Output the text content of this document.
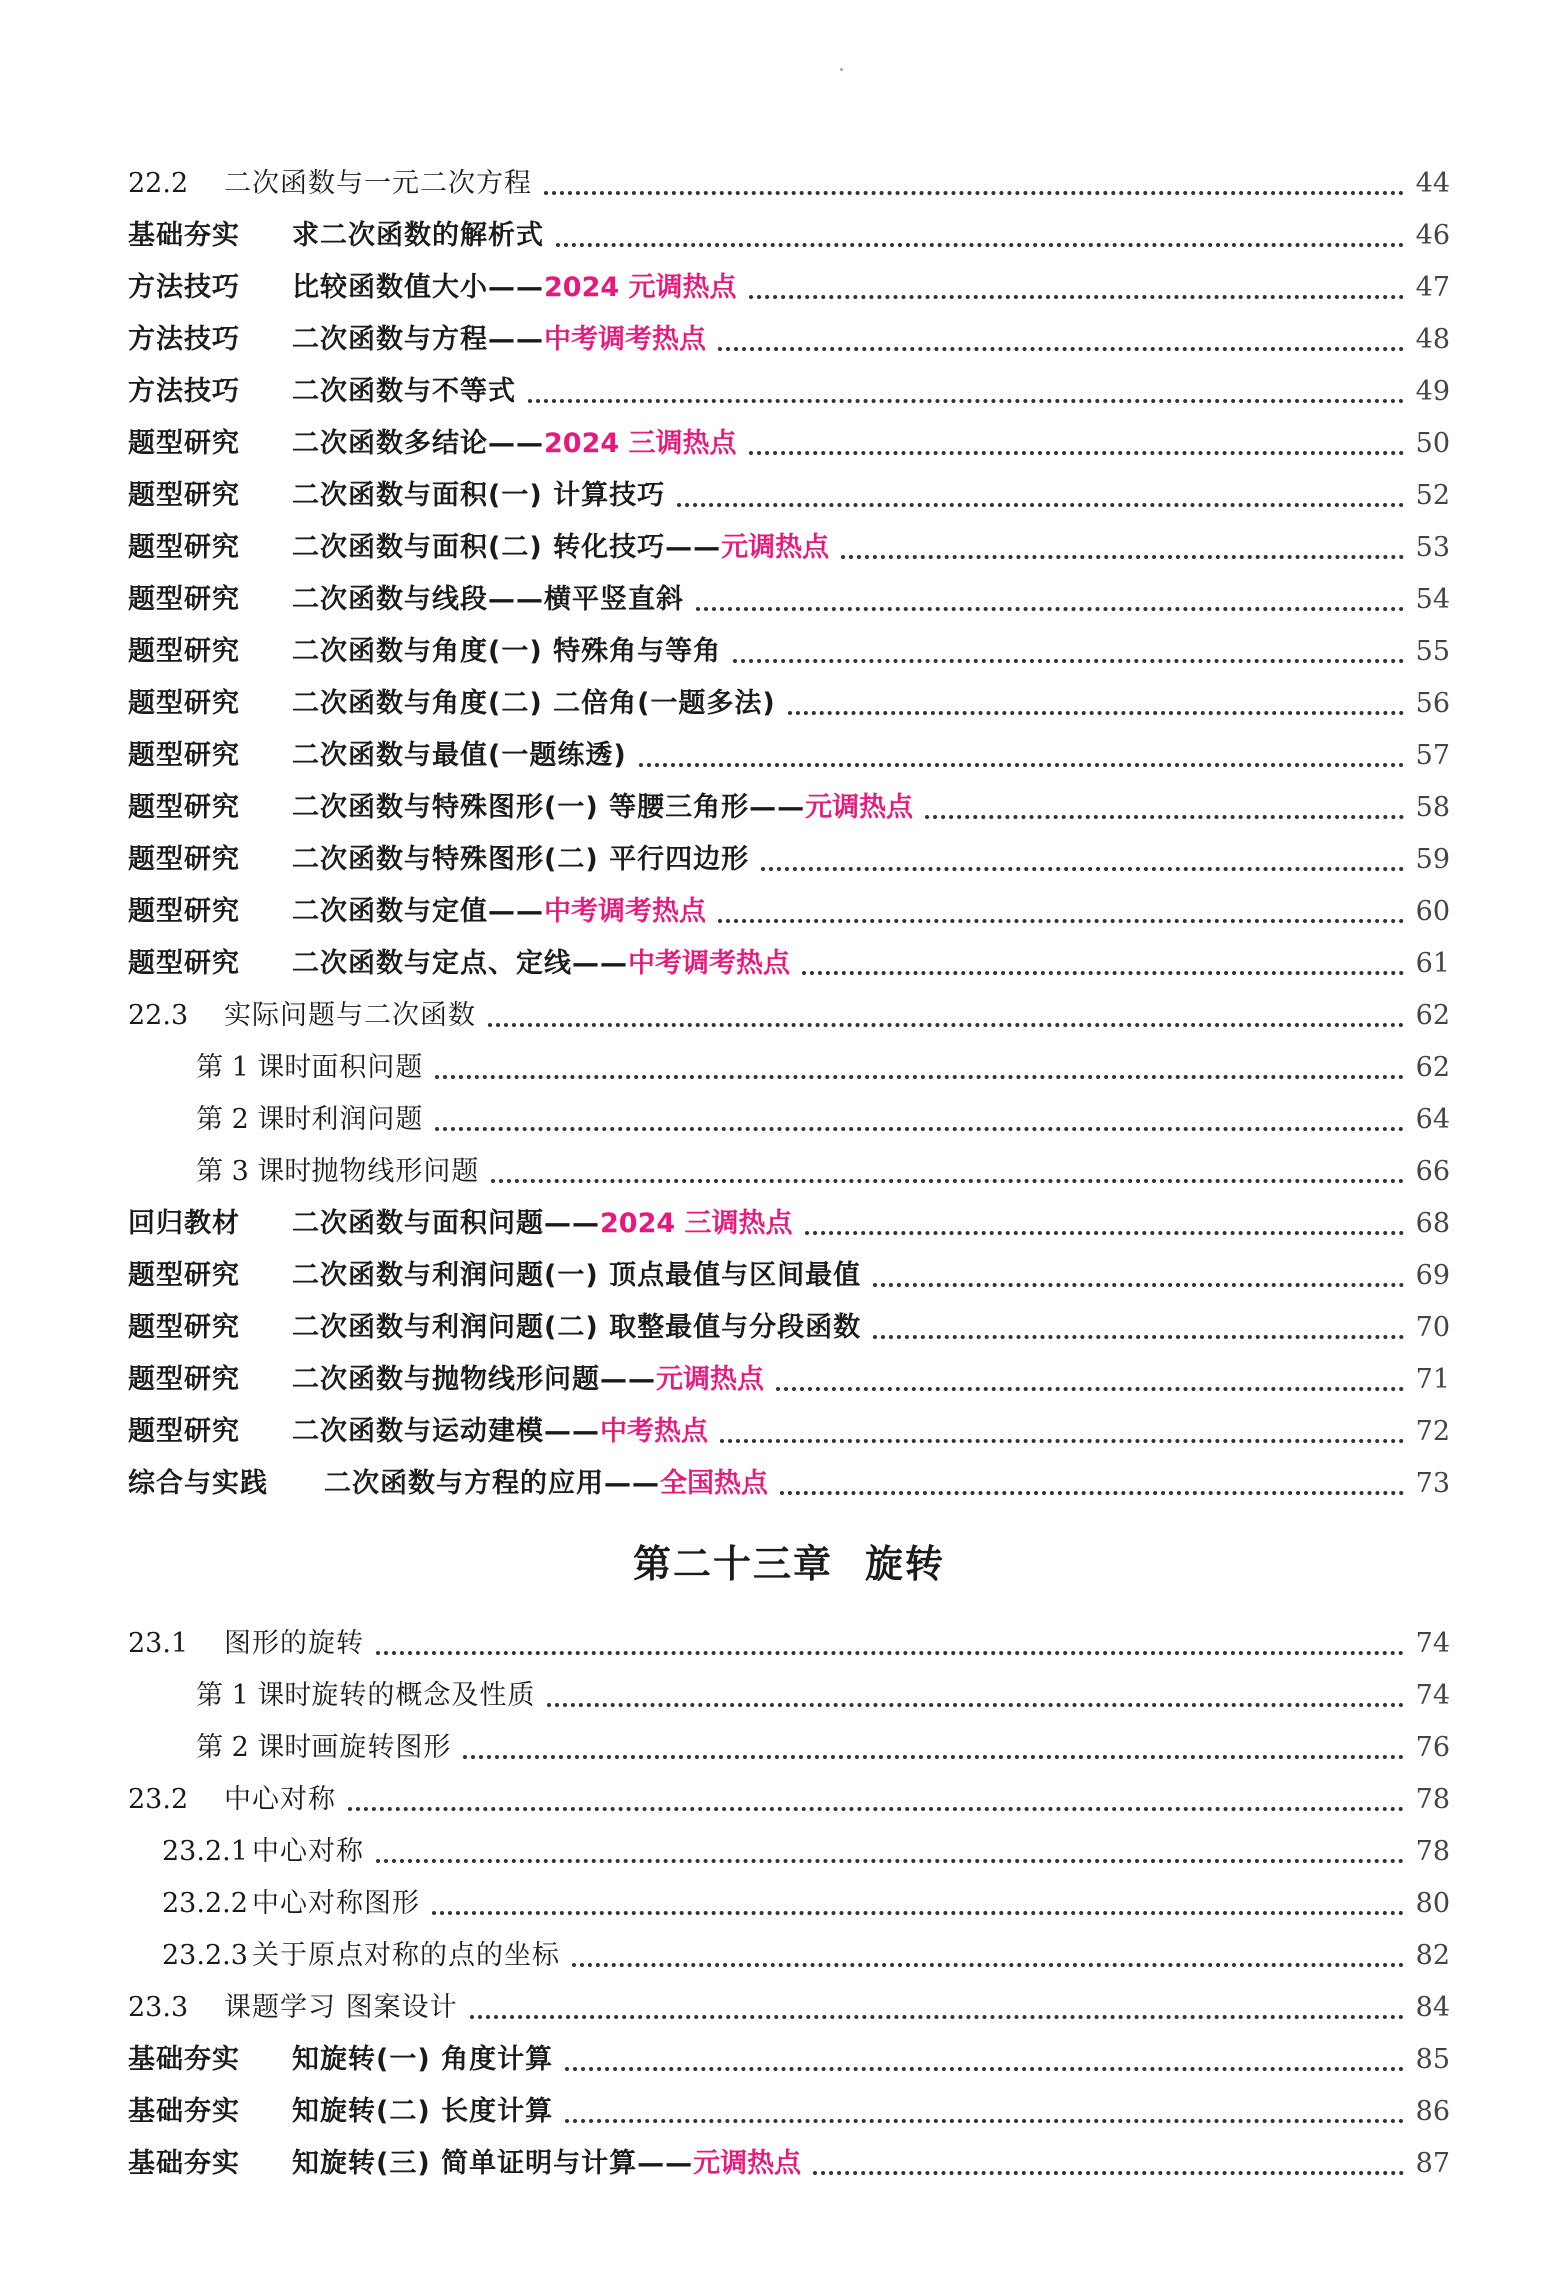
22.2	二次函数与一元二次方程	44
基础夯实	求二次函数的解析式	46
方法技巧	比较函数值大小—— 2024 元调热点	47
方法技巧	二次函数与方程—— 中考调考热点	48
方法技巧	二次函数与不等式	49
题型研究	二次函数多结论—— 2024 三调热点	50
题型研究	二次函数与面积(一) 计算技巧	52
题型研究	二次函数与面积(二) 转化技巧—— 元调热点	53
题型研究	二次函数与线段——横平竖直斜	54
题型研究	二次函数与角度(一) 特殊角与等角	55
题型研究	二次函数与角度(二) 二倍角(一题多法)	56
题型研究	二次函数与最值(一题练透)	57
题型研究	二次函数与特殊图形(一) 等腰三角形—— 元调热点	58
题型研究	二次函数与特殊图形(二) 平行四边形	59
题型研究	二次函数与定值—— 中考调考热点	60
题型研究	二次函数与定点、定线—— 中考调考热点	61
22.3	实际问题与二次函数	62
第 1 课时 面积问题	62
第 2 课时 利润问题	64
第 3 课时 抛物线形问题	66
回归教材	二次函数与面积问题—— 2024 三调热点	68
题型研究	二次函数与利润问题(一) 顶点最值与区间最值	69
题型研究	二次函数与利润问题(二) 取整最值与分段函数	70
题型研究	二次函数与抛物线形问题—— 元调热点	71
题型研究	二次函数与运动建模—— 中考热点	72
综合与实践	二次函数与方程的应用—— 全国热点	73
第二十三章 旋转
23.1	图形的旋转	74
第 1 课时 旋转的概念及性质	74
第 2 课时 画旋转图形	76
23.2	中心对称	78
23.2.1 中心对称	78
23.2.2 中心对称图形	80
23.2.3 关于原点对称的点的坐标	82
23.3	课题学习 图案设计	84
基础夯实	知旋转(一) 角度计算	85
基础夯实	知旋转(二) 长度计算	86
基础夯实	知旋转(三) 简单证明与计算—— 元调热点	87
